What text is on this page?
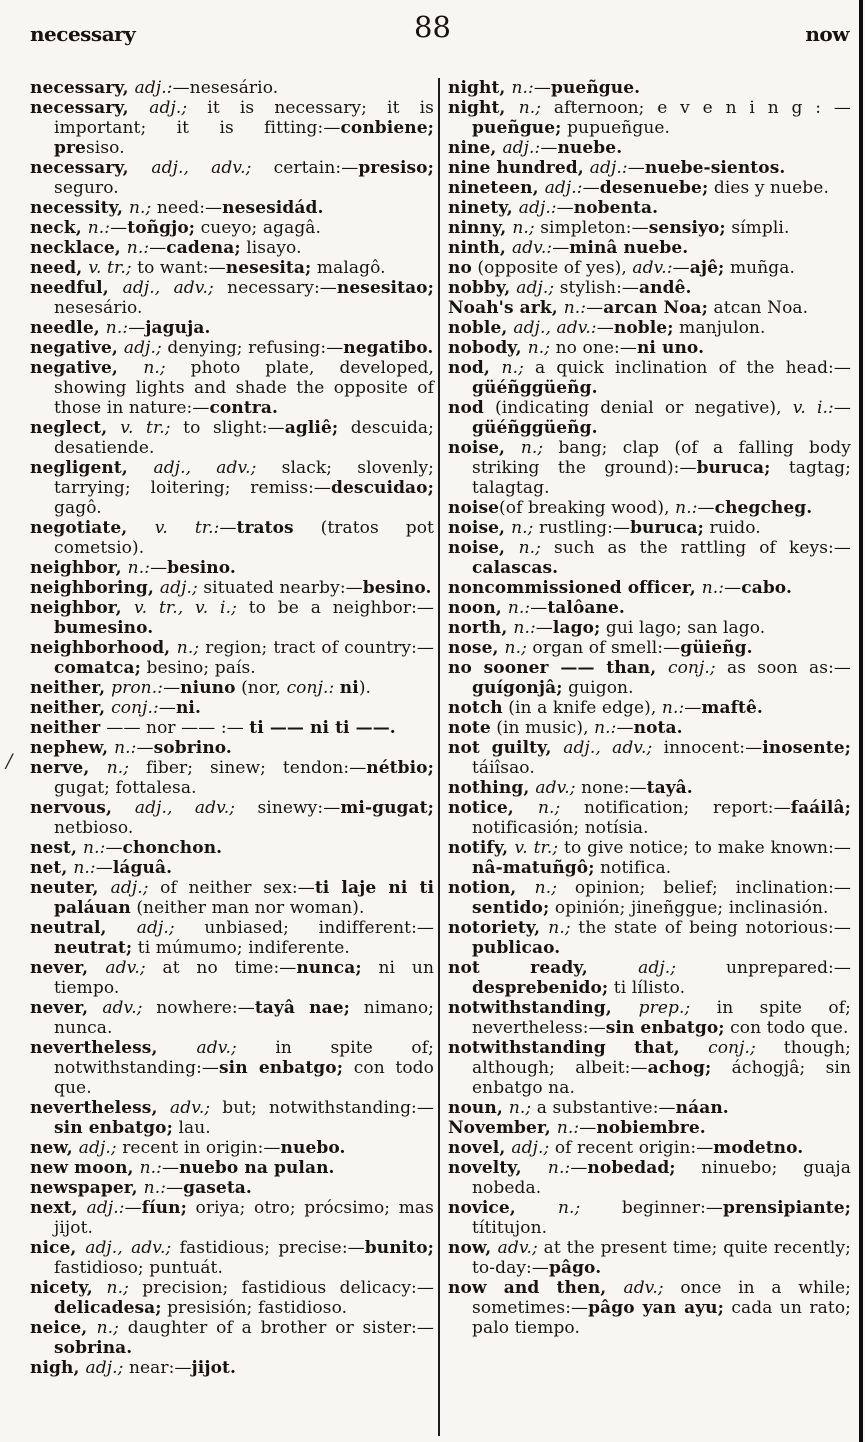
necessary	88	now
/
necessary, adj.:—nesesário.
necessary, adj.; it is necessary; it is important; it is fitting:—conbiene; presiso.
necessary, adj., adv.; certain:—presiso; seguro.
necessity, n.; need:—nesesidád.
neck, n.:—toñgjo; cueyo; agagâ.
necklace, n.:—cadena; lisayo.
need, v. tr.; to want:—nesesita; malagô.
needful, adj., adv.; necessary:—nesesitao; nesesário.
needle, n.:—jaguja.
negative, adj.; denying; refusing:—negatibo.
negative, n.; photo plate, developed, showing lights and shade the opposite of those in nature:—contra.
neglect, v. tr.; to slight:—agliê; descuida; desatiende.
negligent, adj., adv.; slack; slovenly; tarrying; loitering; remiss:—descuidao; gagô.
negotiate, v. tr.:—tratos (tratos pot cometsio).
neighbor, n.:—besino.
neighboring, adj.; situated nearby:—besino.
neighbor, v. tr., v. i.; to be a neighbor:—bumesino.
neighborhood, n.; region; tract of country:—comatca; besino; país.
neither, pron.:—niuno (nor, conj.: ni).
neither, conj.:—ni.
neither —— nor —— :— ti —— ni ti ——.
nephew, n.:—sobrino.
nerve, n.; fiber; sinew; tendon:—nétbio; gugat; fottalesa.
nervous, adj., adv.; sinewy:—mi-gugat; netbioso.
nest, n.:—chonchon.
net, n.:—láguâ.
neuter, adj.; of neither sex:—ti laje ni ti paláuan (neither man nor woman).
neutral, adj.; unbiased; indifferent:—neutrat; ti múmumo; indiferente.
never, adv.; at no time:—nunca; ni un tiempo.
never, adv.; nowhere:—tayâ nae; nimano; nunca.
nevertheless, adv.; in spite of; notwithstanding:—sin enbatgo; con todo que.
nevertheless, adv.; but; notwithstanding:—sin enbatgo; lau.
new, adj.; recent in origin:—nuebo.
new moon, n.:—nuebo na pulan.
newspaper, n.:—gaseta.
next, adj.:—fíun; oriya; otro; prócsimo; mas jijot.
nice, adj., adv.; fastidious; precise:—bunito; fastidioso; puntuát.
nicety, n.; precision; fastidious delicacy:—delicadesa; presisión; fastidioso.
neice, n.; daughter of a brother or sister:—sobrina.
nigh, adj.; near:—jijot.
night, n.:—pueñgue.
night, n.; afternoon; e v e n i n g : — pueñgue; pupueñgue.
nine, adj.:—nuebe.
nine hundred, adj.:—nuebe-sientos.
nineteen, adj.:—desenuebe; dies y nuebe.
ninety, adj.:—nobenta.
ninny, n.; simpleton:—sensiyo; símpli.
ninth, adv.:—minâ nuebe.
no (opposite of yes), adv.:—ajê; muñga.
nobby, adj.; stylish:—andê.
Noah's ark, n.:—arcan Noa; atcan Noa.
noble, adj., adv.:—noble; manjulon.
nobody, n.; no one:—ni uno.
nod, n.; a quick inclination of the head:—güéñggüeñg.
nod (indicating denial or negative), v. i.:—güéñggüeñg.
noise, n.; bang; clap (of a falling body striking the ground):—buruca; tagtag; talagtag.
noise(of breaking wood), n.:—chegcheg.
noise, n.; rustling:—buruca; ruido.
noise, n.; such as the rattling of keys:—calascas.
noncommissioned officer, n.:—cabo.
noon, n.:—talôane.
north, n.:—lago; gui lago; san lago.
nose, n.; organ of smell:—güieñg.
no sooner —— than, conj.; as soon as:—guígonjâ; guigon.
notch (in a knife edge), n.:—maftê.
note (in music), n.:—nota.
not guilty, adj., adv.; innocent:—inosente; táiîsao.
nothing, adv.; none:—tayâ.
notice, n.; notification; report:—faáilâ; notificasión; notísia.
notify, v. tr.; to give notice; to make known:—nâ-matuñgô; notifica.
notion, n.; opinion; belief; inclination:—sentido; opinión; jineñggue; inclinasión.
notoriety, n.; the state of being notorious:—publicao.
not ready, adj.; unprepared:—desprebenido; ti lílisto.
notwithstanding, prep.; in spite of; nevertheless:—sin enbatgo; con todo que.
notwithstanding that, conj.; though; although; albeit:—achog; áchogjâ; sin enbatgo na.
noun, n.; a substantive:—náan.
November, n.:—nobiembre.
novel, adj.; of recent origin:—modetno.
novelty, n.:—nobedad; ninuebo; guaja nobeda.
novice, n.; beginner:—prensipiante; títitujon.
now, adv.; at the present time; quite recently; to-day:—pâgo.
now and then, adv.; once in a while; sometimes:—pâgo yan ayu; cada un rato; palo tiempo.
